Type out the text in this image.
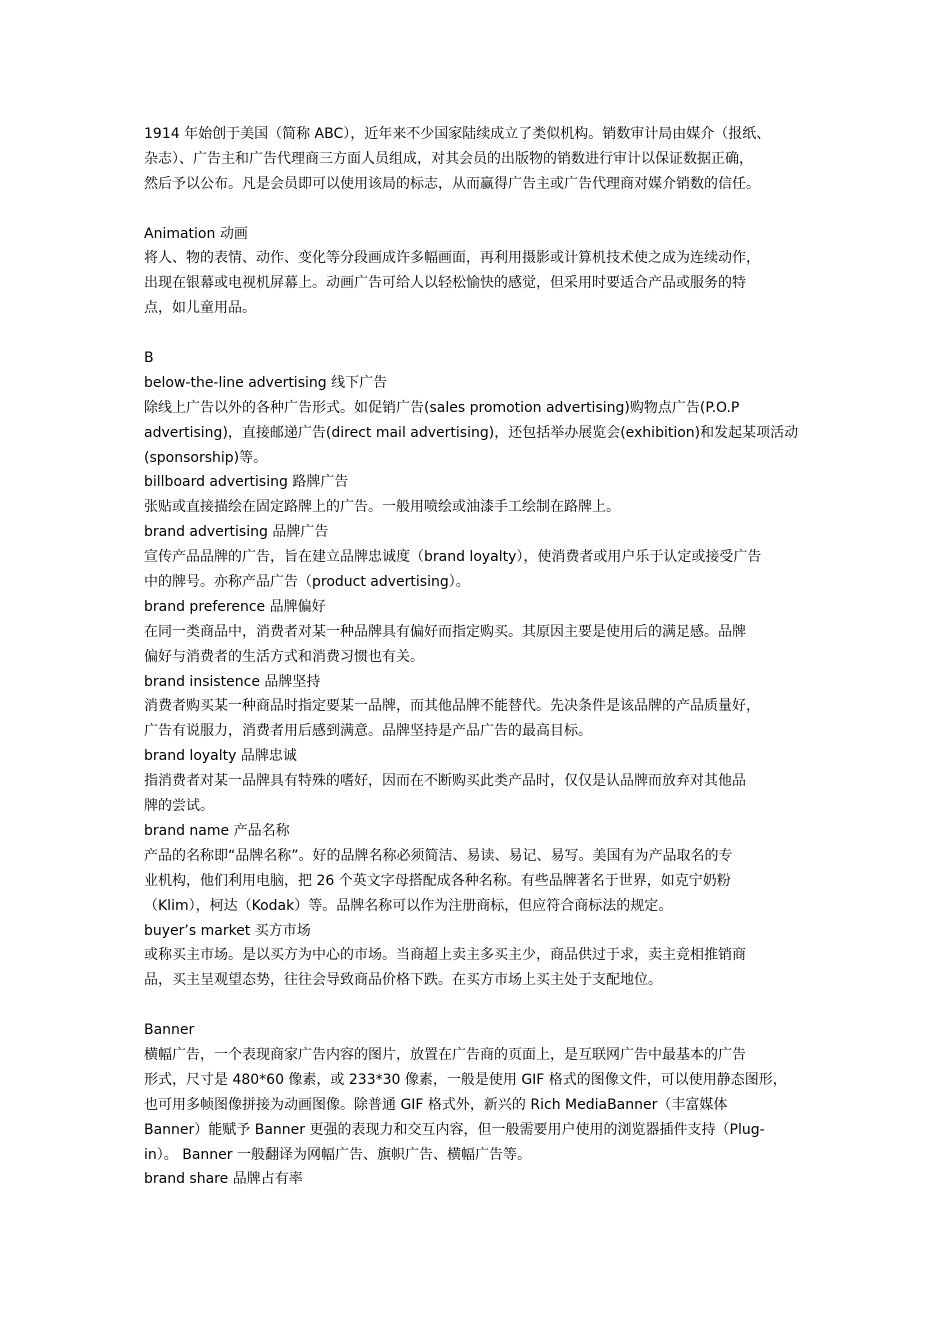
1914 年始创于美国（简称 ABC），近年来不少国家陆续成立了类似机构。销数审计局由媒介（报纸、
杂志）、广告主和广告代理商三方面人员组成，对其会员的出版物的销数进行审计以保证数据正确，
然后予以公布。凡是会员即可以使用该局的标志，从而赢得广告主或广告代理商对媒介销数的信任。
Animation 动画
将人、物的表情、动作、变化等分段画成许多幅画面，再利用摄影或计算机技术使之成为连续动作，
出现在银幕或电视机屏幕上。动画广告可给人以轻松愉快的感觉，但采用时要适合产品或服务的特
点，如儿童用品。
B
below-the-line advertising 线下广告
除线上广告以外的各种广告形式。如促销广告(sales promotion advertising)购物点广告(P.O.P
advertising)，直接邮递广告(direct mail advertising)，还包括举办展览会(exhibition)和发起某项活动
(sponsorship)等。
billboard advertising 路牌广告
张贴或直接描绘在固定路牌上的广告。一般用喷绘或油漆手工绘制在路牌上。
brand advertising 品牌广告
宣传产品品牌的广告，旨在建立品牌忠诚度（brand loyalty），使消费者或用户乐于认定或接受广告
中的牌号。亦称产品广告（product advertising）。
brand preference 品牌偏好
在同一类商品中，消费者对某一种品牌具有偏好而指定购买。其原因主要是使用后的满足感。品牌
偏好与消费者的生活方式和消费习惯也有关。
brand insistence 品牌坚持
消费者购买某一种商品时指定要某一品牌，而其他品牌不能替代。先决条件是该品牌的产品质量好，
广告有说服力，消费者用后感到满意。品牌坚持是产品广告的最高目标。
brand loyalty 品牌忠诚
指消费者对某一品牌具有特殊的嗜好，因而在不断购买此类产品时，仅仅是认品牌而放弃对其他品
牌的尝试。
brand name 产品名称
产品的名称即“品牌名称”。好的品牌名称必须简洁、易读、易记、易写。美国有为产品取名的专
业机构，他们利用电脑，把 26 个英文字母搭配成各种名称。有些品牌著名于世界，如克宁奶粉
（Klim），柯达（Kodak）等。品牌名称可以作为注册商标，但应符合商标法的规定。
buyer’s market 买方市场
或称买主市场。是以买方为中心的市场。当商超上卖主多买主少，商品供过于求，卖主竞相推销商
品，买主呈观望态势，往往会导致商品价格下跌。在买方市场上买主处于支配地位。
Banner
横幅广告，一个表现商家广告内容的图片，放置在广告商的页面上，是互联网广告中最基本的广告
形式，尺寸是 480*60 像素，或 233*30 像素，一般是使用 GIF 格式的图像文件，可以使用静态图形，
也可用多帧图像拼接为动画图像。除普通 GIF 格式外，新兴的 Rich MediaBanner（丰富媒体
Banner）能赋予 Banner 更强的表现力和交互内容，但一般需要用户使用的浏览器插件支持（Plug-
in）。 Banner 一般翻译为网幅广告、旗帜广告、横幅广告等。
brand share 品牌占有率
